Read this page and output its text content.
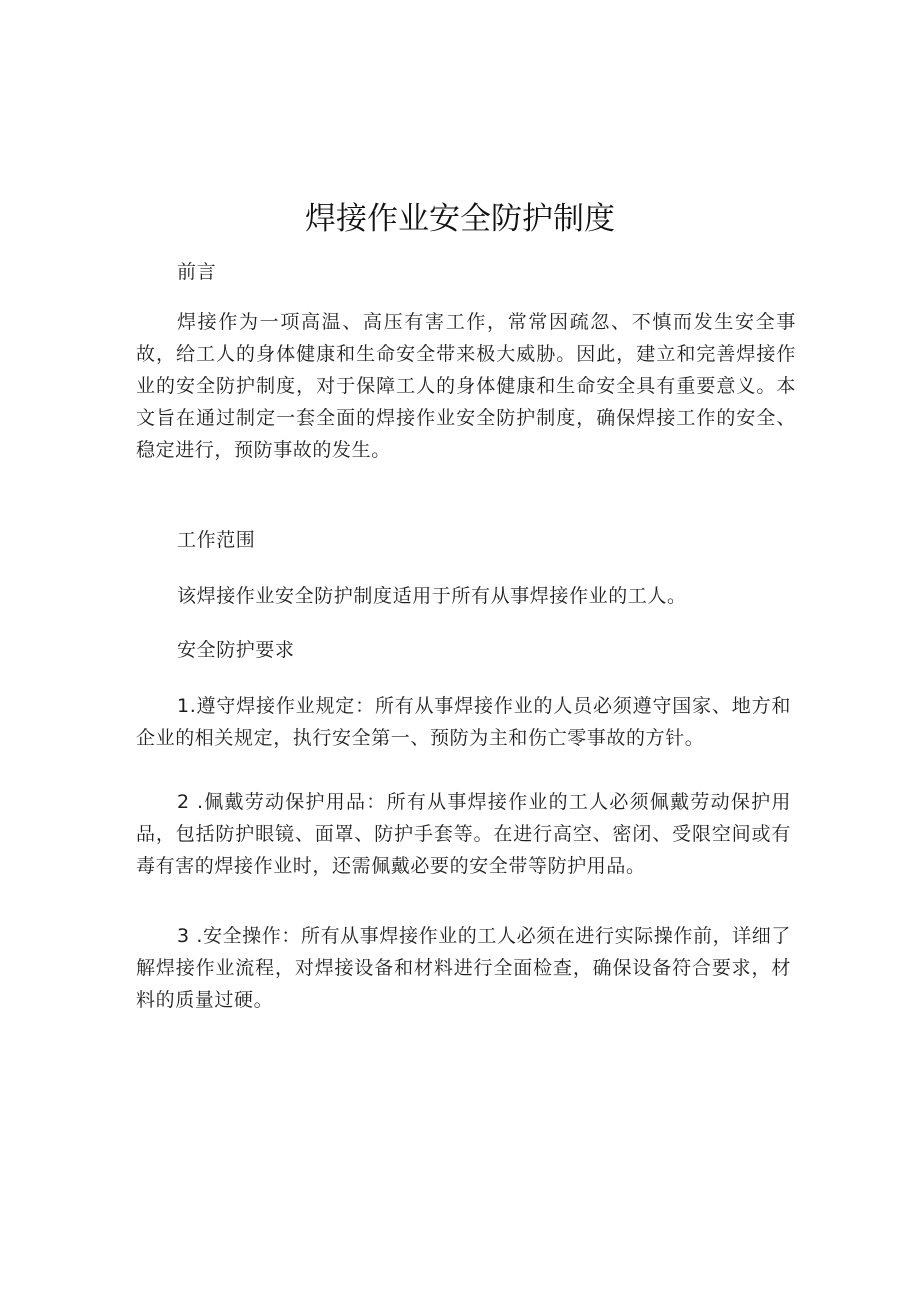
焊接作业安全防护制度

前言

焊接作为一项高温、高压有害工作，常常因疏忽、不慎而发生安全事故，给工人的身体健康和生命安全带来极大威胁。因此，建立和完善焊接作业的安全防护制度，对于保障工人的身体健康和生命安全具有重要意义。本文旨在通过制定一套全面的焊接作业安全防护制度，确保焊接工作的安全、稳定进行，预防事故的发生。

工作范围

该焊接作业安全防护制度适用于所有从事焊接作业的工人。

安全防护要求

1.遵守焊接作业规定：所有从事焊接作业的人员必须遵守国家、地方和企业的相关规定，执行安全第一、预防为主和伤亡零事故的方针。

2 .佩戴劳动保护用品：所有从事焊接作业的工人必须佩戴劳动保护用品，包括防护眼镜、面罩、防护手套等。在进行高空、密闭、受限空间或有毒有害的焊接作业时，还需佩戴必要的安全带等防护用品。

3 .安全操作：所有从事焊接作业的工人必须在进行实际操作前，详细了解焊接作业流程，对焊接设备和材料进行全面检查，确保设备符合要求，材料的质量过硬。
